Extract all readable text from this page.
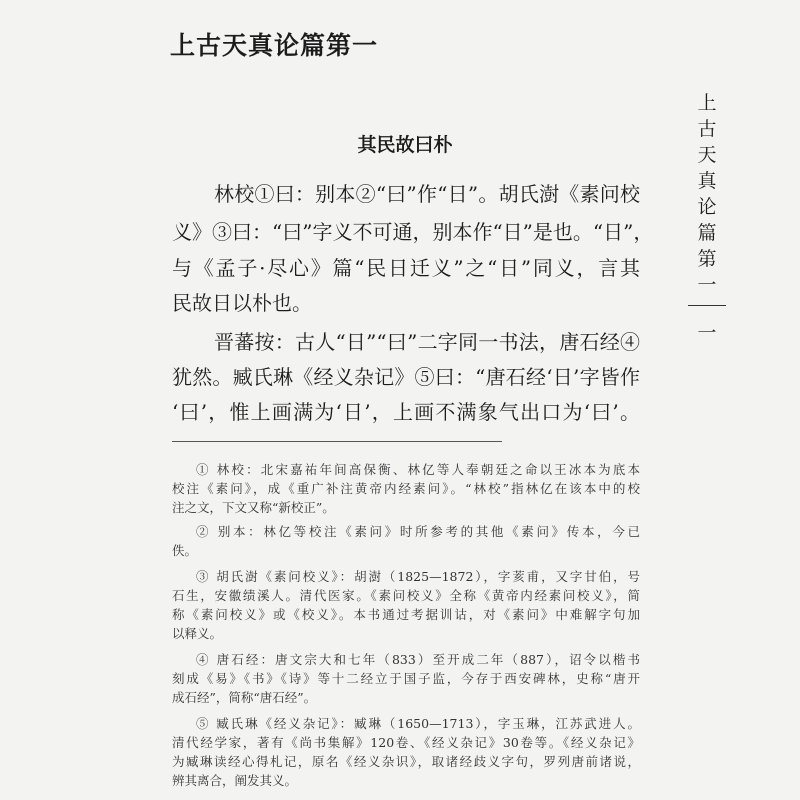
上古天真论篇第一
上
古
天
真
论
篇
第
一
一
其民故曰朴
林校①曰：别本②“曰”作“日”。胡氏澍《素问校
义》③曰：“曰”字义不可通，别本作“日”是也。“日”，
与《孟子·尽心》篇“民日迁义”之“日”同义，言其
民故日以朴也。
晋蕃按：古人“日”“曰”二字同一书法，唐石经④
犹然。臧氏琳《经义杂记》⑤曰：“唐石经‘日’字皆作
‘曰’，惟上画满为‘日’，上画不满象气出口为‘曰’。
① 林校：北宋嘉祐年间高保衡、林亿等人奉朝廷之命以王冰本为底本
校注《素问》，成《重广补注黄帝内经素问》。“林校”指林亿在该本中的校
注之文，下文又称“新校正”。
② 别本：林亿等校注《素问》时所参考的其他《素问》传本，今已
佚。
③ 胡氏澍《素问校义》：胡澍（1825—1872），字荄甫，又字甘伯，号
石生，安徽绩溪人。清代医家。《素问校义》全称《黄帝内经素问校义》，简
称《素问校义》或《校义》。本书通过考据训诂，对《素问》中难解字句加
以释义。
④ 唐石经：唐文宗大和七年（833）至开成二年（887），诏令以楷书
刻成《易》《书》《诗》等十二经立于国子监，今存于西安碑林，史称“唐开
成石经”，简称“唐石经”。
⑤ 臧氏琳《经义杂记》：臧琳（1650—1713），字玉琳，江苏武进人。
清代经学家，著有《尚书集解》120卷、《经义杂记》30卷等。《经义杂记》
为臧琳读经心得札记，原名《经义杂识》，取诸经歧义字句，罗列唐前诸说，
辨其离合，阐发其义。
